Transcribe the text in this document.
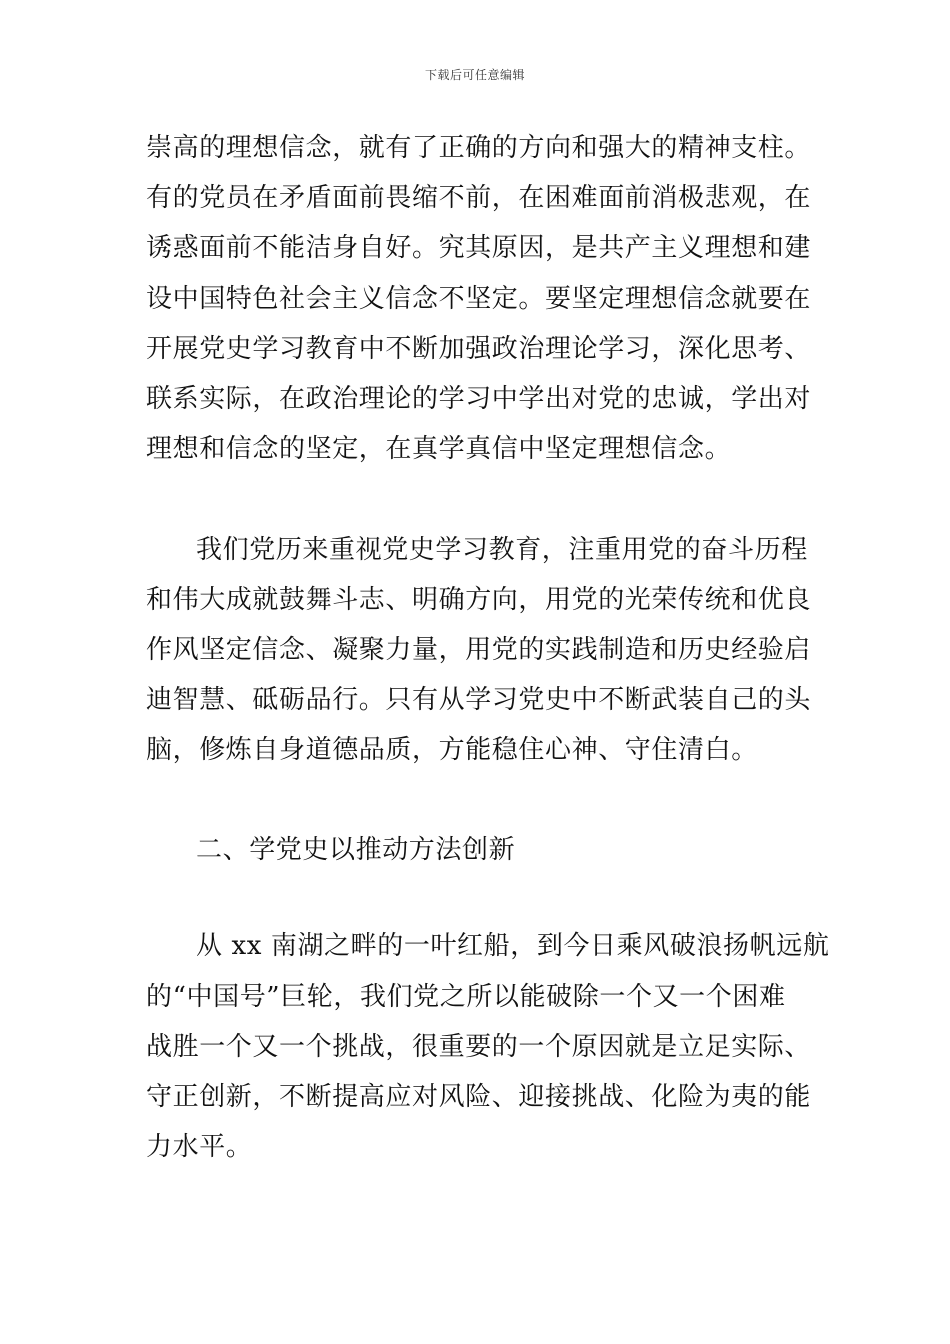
下载后可任意编辑
崇高的理想信念，就有了正确的方向和强大的精神支柱。
有的党员在矛盾面前畏缩不前，在困难面前消极悲观，在
诱惑面前不能洁身自好。究其原因，是共产主义理想和建
设中国特色社会主义信念不坚定。要坚定理想信念就要在
开展党史学习教育中不断加强政治理论学习，深化思考、
联系实际，在政治理论的学习中学出对党的忠诚，学出对
理想和信念的坚定，在真学真信中坚定理想信念。
我们党历来重视党史学习教育，注重用党的奋斗历程
和伟大成就鼓舞斗志、明确方向，用党的光荣传统和优良
作风坚定信念、凝聚力量，用党的实践制造和历史经验启
迪智慧、砥砺品行。只有从学习党史中不断武装自己的头
脑，修炼自身道德品质，方能稳住心神、守住清白。
二、学党史以推动方法创新
从 xx 南湖之畔的一叶红船，到今日乘风破浪扬帆远航
的“中国号”巨轮，我们党之所以能破除一个又一个困难
战胜一个又一个挑战，很重要的一个原因就是立足实际、
守正创新，不断提高应对风险、迎接挑战、化险为夷的能
力水平。
